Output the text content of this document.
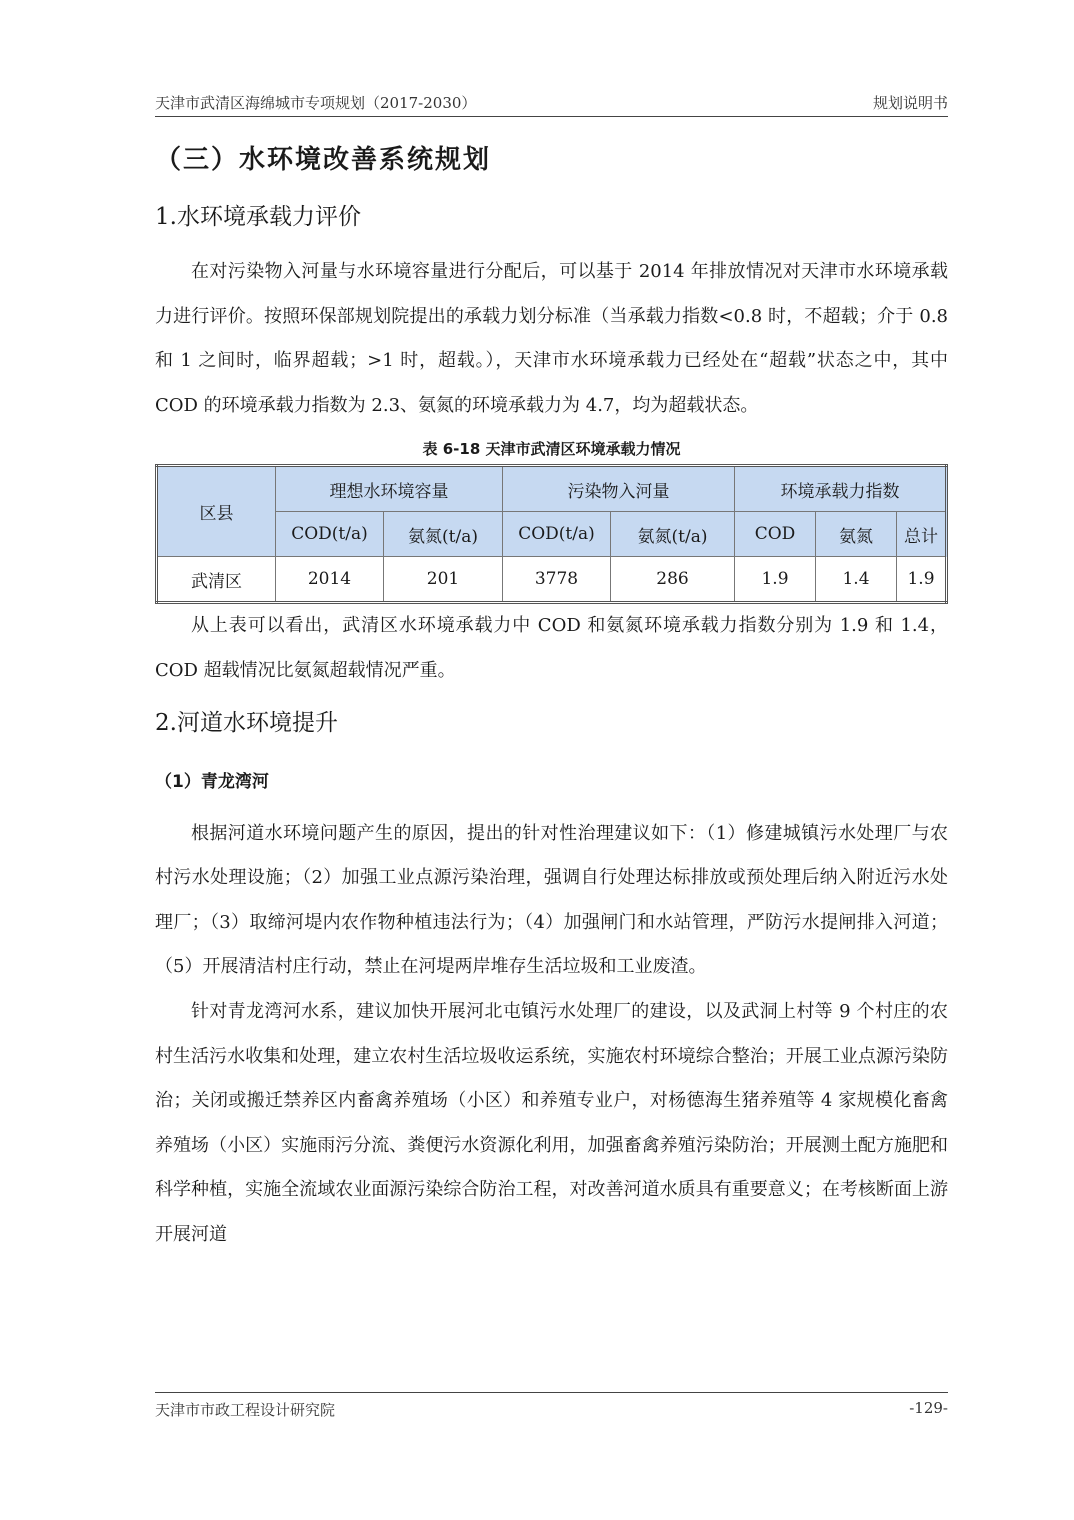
天津市武清区海绵城市专项规划（2017-2030）	规划说明书
（三）水环境改善系统规划
1.水环境承载力评价

在对污染物入河量与水环境容量进行分配后，可以基于 2014 年排放情况对天津市水环境承载力进行评价。按照环保部规划院提出的承载力划分标准（当承载力指数<0.8 时，不超载；介于 0.8 和 1 之间时，临界超载；>1 时，超载。），天津市水环境承载力已经处在“超载”状态之中，其中 COD 的环境承载力指数为 2.3、氨氮的环境承载力为 4.7，均为超载状态。

表 6-18 天津市武清区环境承载力情况
区县	理想水环境容量		污染物入河量		环境承载力指数		
	COD(t/a)	氨氮(t/a)	COD(t/a)	氨氮(t/a)	COD	氨氮	总计
武清区	2014	201	3778	286	1.9	1.4	1.9

从上表可以看出，武清区水环境承载力中 COD 和氨氮环境承载力指数分别为 1.9 和 1.4，COD 超载情况比氨氮超载情况严重。

2.河道水环境提升
（1）青龙湾河

根据河道水环境问题产生的原因，提出的针对性治理建议如下：（1）修建城镇污水处理厂与农村污水处理设施；（2）加强工业点源污染治理，强调自行处理达标排放或预处理后纳入附近污水处理厂；（3）取缔河堤内农作物种植违法行为；（4）加强闸门和水站管理，严防污水提闸排入河道；（5）开展清洁村庄行动，禁止在河堤两岸堆存生活垃圾和工业废渣。

针对青龙湾河水系，建议加快开展河北屯镇污水处理厂的建设，以及武洞上村等 9 个村庄的农村生活污水收集和处理，建立农村生活垃圾收运系统，实施农村环境综合整治；开展工业点源污染防治；关闭或搬迁禁养区内畜禽养殖场（小区）和养殖专业户，对杨德海生猪养殖等 4 家规模化畜禽养殖场（小区）实施雨污分流、粪便污水资源化利用，加强畜禽养殖污染防治；开展测土配方施肥和科学种植，实施全流域农业面源污染综合防治工程，对改善河道水质具有重要意义；在考核断面上游开展河道

天津市市政工程设计研究院	-129-
